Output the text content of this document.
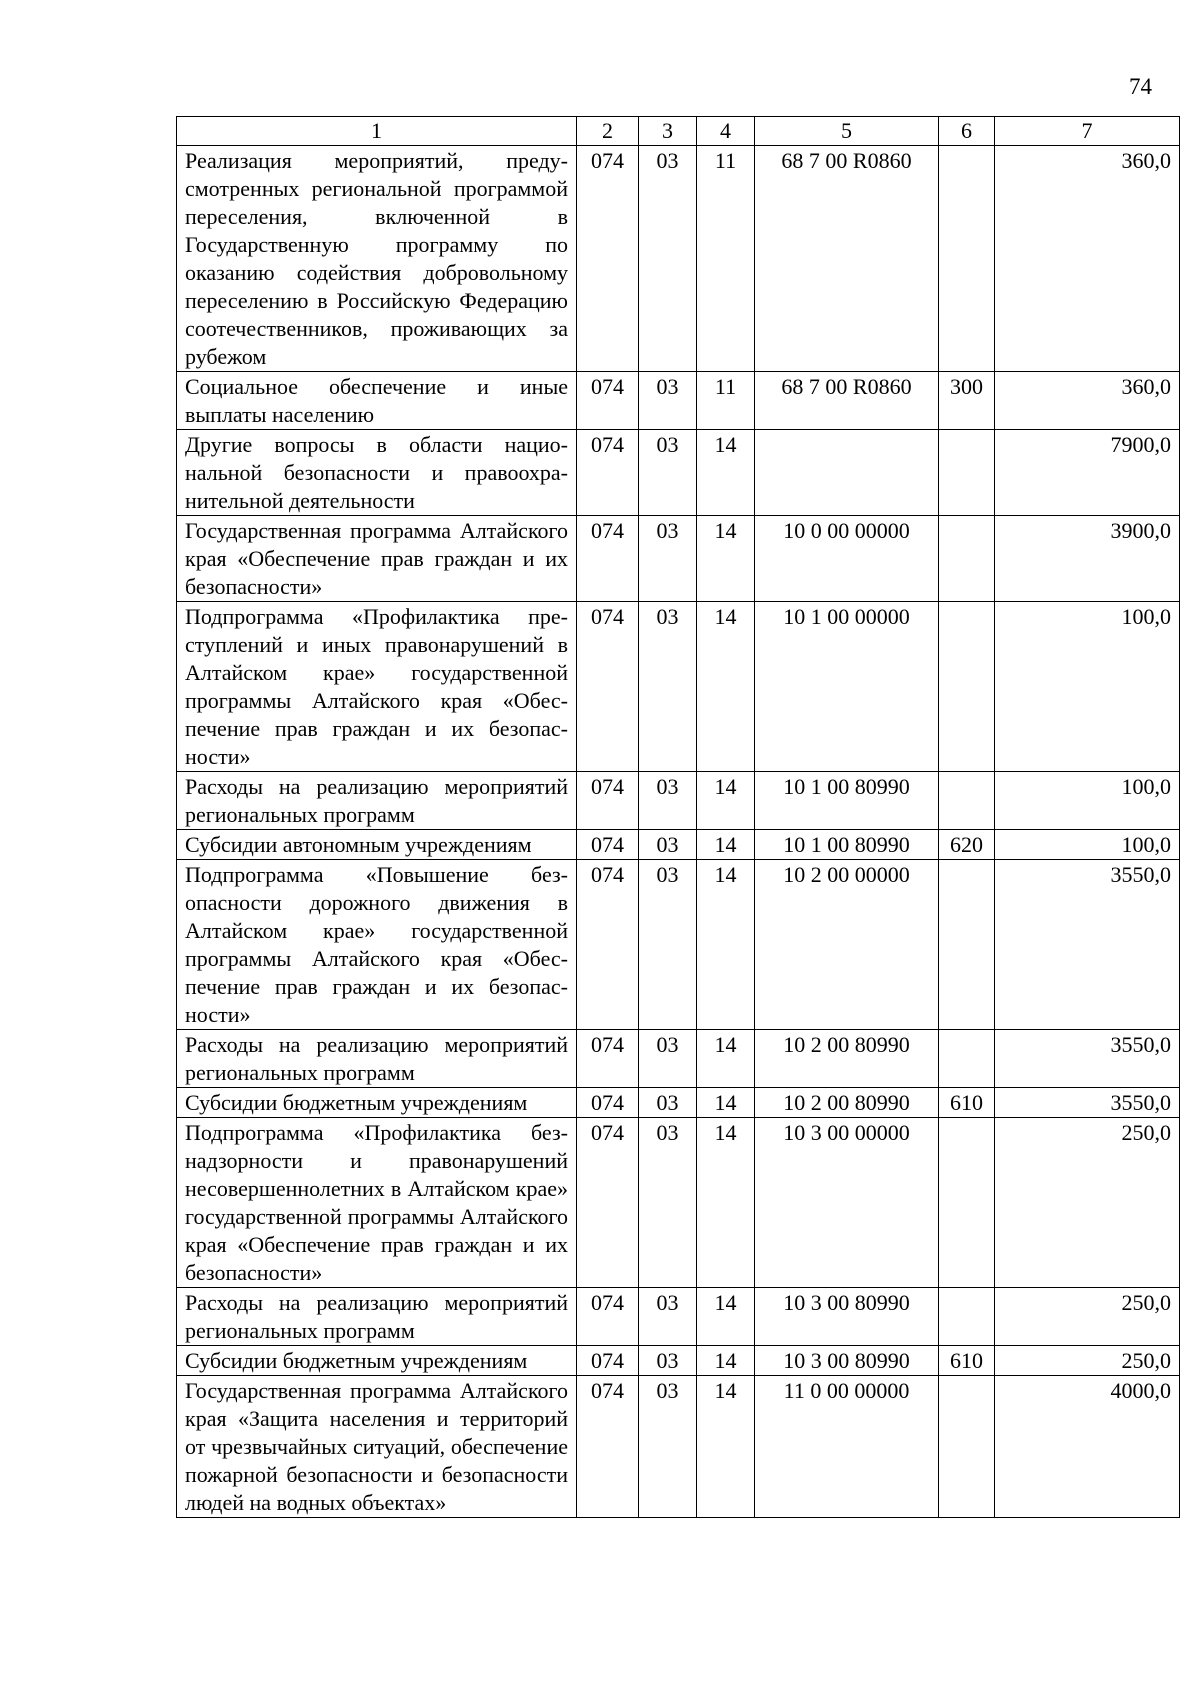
74
1	2	3	4	5	6	7
Реализация мероприятий, предусмотренных региональной программой переселения, включенной в Государственную программу по оказанию содействия добровольному переселению в Российскую Федерацию соотечественников, проживающих за рубежом	074	03	11	68 7 00 R0860		360,0
Социальное обеспечение и иные выплаты населению	074	03	11	68 7 00 R0860	300	360,0
Другие вопросы в области национальной безопасности и правоохранительной деятельности	074	03	14			7900,0
Государственная программа Алтайского края «Обеспечение прав граждан и их безопасности»	074	03	14	10 0 00 00000		3900,0
Подпрограмма «Профилактика преступлений и иных правонарушений в Алтайском крае» государственной программы Алтайского края «Обеспечение прав граждан и их безопасности»	074	03	14	10 1 00 00000		100,0
Расходы на реализацию мероприятий региональных программ	074	03	14	10 1 00 80990		100,0
Субсидии автономным учреждениям	074	03	14	10 1 00 80990	620	100,0
Подпрограмма «Повышение безопасности дорожного движения в Алтайском крае» государственной программы Алтайского края «Обеспечение прав граждан и их безопасности»	074	03	14	10 2 00 00000		3550,0
Расходы на реализацию мероприятий региональных программ	074	03	14	10 2 00 80990		3550,0
Субсидии бюджетным учреждениям	074	03	14	10 2 00 80990	610	3550,0
Подпрограмма «Профилактика безнадзорности и правонарушений несовершеннолетних в Алтайском крае» государственной программы Алтайского края «Обеспечение прав граждан и их безопасности»	074	03	14	10 3 00 00000		250,0
Расходы на реализацию мероприятий региональных программ	074	03	14	10 3 00 80990		250,0
Субсидии бюджетным учреждениям	074	03	14	10 3 00 80990	610	250,0
Государственная программа Алтайского края «Защита населения и территорий от чрезвычайных ситуаций, обеспечение пожарной безопасности и безопасности людей на водных объектах»	074	03	14	11 0 00 00000		4000,0
